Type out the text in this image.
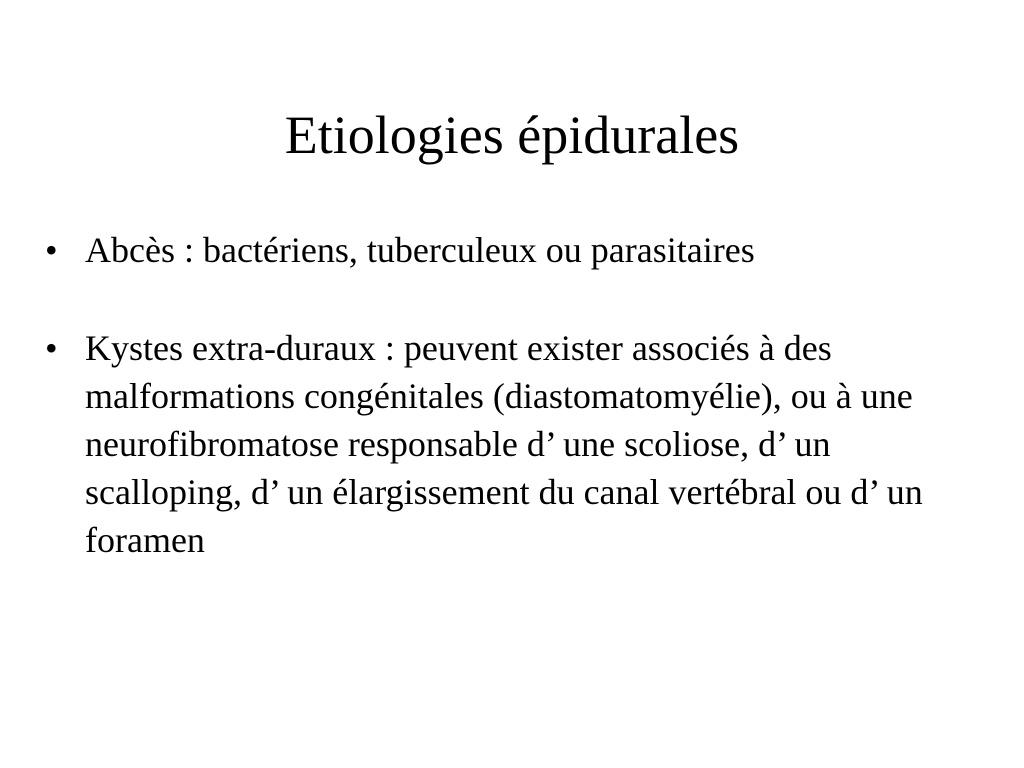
Etiologies épidurales
• Abcès : bactériens, tuberculeux ou parasitaires
• Kystes extra-duraux : peuvent exister associés à des malformations congénitales (diastomatomyélie), ou à une neurofibromatose responsable d’ une scoliose, d’ un scalloping, d’ un élargissement du canal vertébral ou d’ un foramen
